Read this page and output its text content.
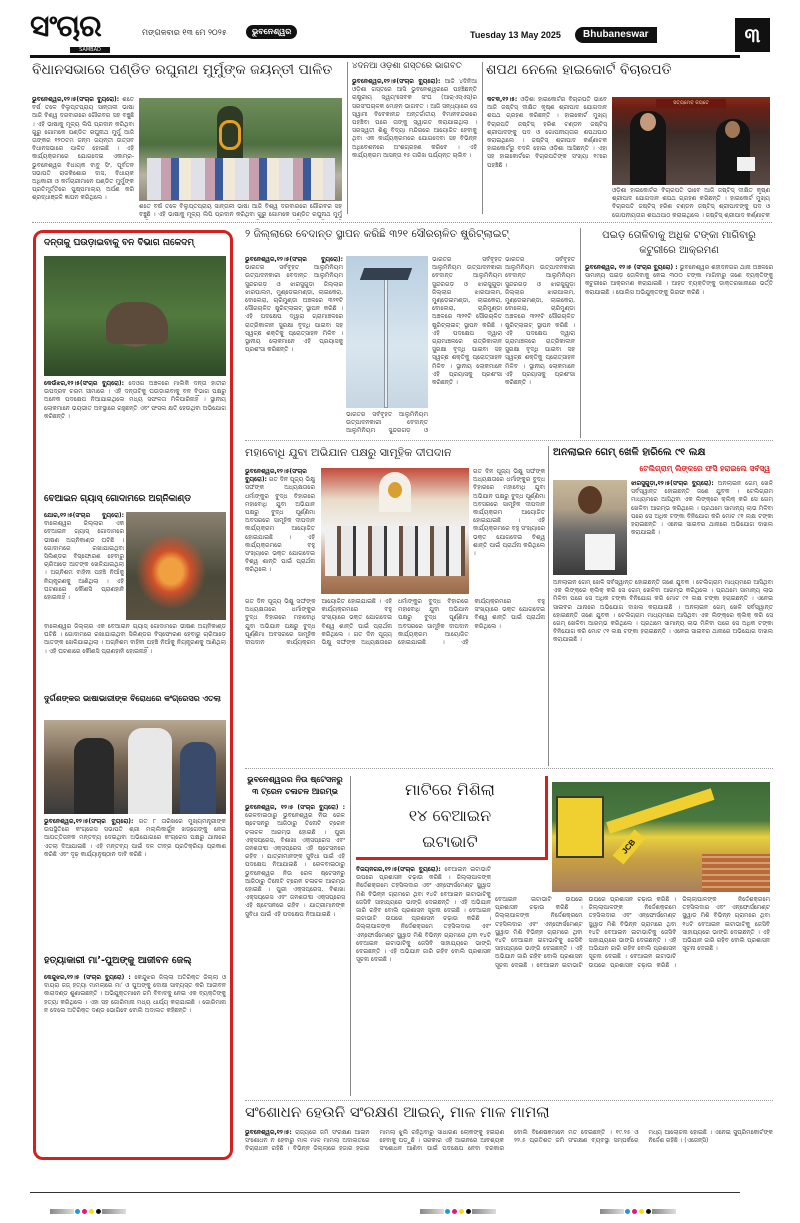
ସଂଚାର
SAMBAD
ମଙ୍ଗଳବାର ୧୩ ମେ ୨୦୨୫	ଭୁବନେଶ୍ୱର	Tuesday 13 May 2025	Bhubaneswar	୩
ବିଧାନସଭାରେ ପଣ୍ଡିତ ରଘୁନାଥ ମୁର୍ମୁଙ୍କ ଜୟନ୍ତୀ ପାଳିତ
ଭୁବନେଶ୍ୱର,୧୨।୫(ସଂଚାର ବ୍ୟୁରୋ): ଶତେ ବର୍ଷ ତଳେ ବିଲୁପ୍ତପ୍ରାୟ ସାନ୍ତାଳୀ ଭାଷା ଆଜି ବିଶ୍ୱ ଦରବାରରେ ଗୌରବର ସହ ବଞ୍ଚୁଛି । ଏହି ଭାଷାକୁ ମୂଳ୍ୟ ଲିପି ପ୍ରଦାନ କରିଥିବା ଗୁରୁ ଗୋମକେ ପଣ୍ଡିତ ରଘୁନାଥ ମୁର୍ମୁ ଆଜି ତାଙ୍କର ୧୨୦ତମ ଜନ୍ମ ଜୟନ୍ତୀ ଉତ୍ସବ ବିଧାନସଭାରେ ପାଳିତ ହୋଇଛି । ଏହି କାର୍ଯ୍ୟକ୍ରମରେ ଯୋଗଦେଇ ଏକାମ୍ର-ଭୁବନେଶ୍ୱର ବିଧାୟକ ବାବୁ ସିଂ, ପୂର୍ବତନ ସଭାପତି ରାଜକିଶୋର ଦାସ, ବିଧାୟକ ଅଧିକାରୀ ଓ କର୍ମଚାରୀମାନେ ପଣ୍ଡିତ ମୁର୍ମୁଙ୍କ ପ୍ରତିମୂର୍ତ୍ତିରେ ପୁଷ୍ପମାଲ୍ୟ ଅର୍ପଣ କରି ଶ୍ରଦ୍ଧାଞ୍ଜଳି ଜ୍ଞାପନ କରିଥିଲେ ।
ଶତେ ବର୍ଷ ତଳେ ବିଲୁପ୍ତପ୍ରାୟ ସାନ୍ତାଳୀ ଭାଷା ଆଜି ବିଶ୍ୱ ଦରବାରରେ ଗୌରବର ସହ ବଞ୍ଚୁଛି । ଏହି ଭାଷାକୁ ମୂଳ୍ୟ ଲିପି ପ୍ରଦାନ କରିଥିବା ଗୁରୁ ଗୋମକେ ପଣ୍ଡିତ ରଘୁନାଥ ମୁର୍ମୁ
୪ଦିନିଆ ଓଡ଼ିଶା ଗସ୍ତରେ ଭାଗବତ
ଭୁବନେଶ୍ୱର,୧୨।୫(ସଂଚାର ବ୍ୟୁରୋ): ଆଜି ୪ଦିନିଆ ଓଡ଼ିଶା ଗସ୍ତରେ ଆସି ଭୁବନେଶ୍ୱରରେ ପହଞ୍ଚିଛନ୍ତି ରାଷ୍ଟ୍ରୀୟ ସ୍ୱୟଂସେବକ ସଂଘ (ଆର୍‌ଏସ୍‌ଏସ୍)ର ସରସଂଘଚାଳକ ମୋହନ ଭାଗବତ । ଆଜି ସନ୍ଧ୍ୟାରେ ସେ ସ୍ୱାମୀ ବିବେକାନନ୍ଦ ଅନ୍ତର୍ଜାତୀୟ ବିମାନବନ୍ଦରରେ ପହଞ୍ଚିବା ପରେ ତାଙ୍କୁ ସ୍ୱାଗତ କରାଯାଇଥିଲା । ସରସ୍ୱତୀ ଶିଶୁ ବିଦ୍ୟା ମନ୍ଦିରରେ ଆୟୋଜିତ ହେବାକୁ ଥିବା ଏକ କାର୍ଯ୍ୟକ୍ରମରେ ଯୋଗଦେବା ସହ ବିଭିନ୍ନ ଅଧିବେଶନରେ ଅଂଶଗ୍ରହଣ କରିବେ । ଏହି କାର୍ଯ୍ୟକ୍ରମ ଆସନ୍ତା ୧୫ ତାରିଖ ପର୍ଯ୍ୟନ୍ତ ଚାଲିବ ।
ଶପଥ ନେଲେ ହାଇକୋର୍ଟ ବିଚାରପତି
କଟକ,୧୨।୫: ଓଡ଼ିଶା ହାଇକୋର୍ଟର ବିଚାରପତି ଭାବେ ଆଜି ଜଷ୍ଟିସ୍ ଦୀକ୍ଷିତ କୃଷ୍ଣ ଶ୍ରୀପାଦ ଯୋଗଦାନ ଶପଥ ଗ୍ରହଣ କରିଛନ୍ତି । ହାଇକୋର୍ଟ ମୁଖ୍ୟ ବିଚାରପତି ଜଷ୍ଟିସ୍ ହରିଶ ଟଣ୍ଡନ ଜଷ୍ଟିସ୍ ଶ୍ରୀପାଦଙ୍କୁ ପଦ ଓ ଗୋପନୀୟତାର ଶପଥପାଠ କରାଇଥିଲେ । ଜଷ୍ଟିସ୍ ଶ୍ରୀପାଦ କର୍ଣ୍ଣାଟକ ହାଇକୋର୍ଟରୁ ବଦଳି ହୋଇ ଓଡ଼ିଶା ଆସିଛନ୍ତି । ଏହା ସହ ହାଇକୋର୍ଟରେ ବିଚାରପତିଙ୍କ ସଂଖ୍ୟା ୧୯ରେ ପହଞ୍ଚିଛି ।
ସତ୍ୟମେବ ଜୟତେ
ଓଡ଼ିଶା ହାଇକୋର୍ଟର ବିଚାରପତି ଭାବେ ଆଜି ଜଷ୍ଟିସ୍ ଦୀକ୍ଷିତ କୃଷ୍ଣ ଶ୍ରୀପାଦ ଯୋଗଦାନ ଶପଥ ଗ୍ରହଣ କରିଛନ୍ତି । ହାଇକୋର୍ଟ ମୁଖ୍ୟ ବିଚାରପତି ଜଷ୍ଟିସ୍ ହରିଶ ଟଣ୍ଡନ ଜଷ୍ଟିସ୍ ଶ୍ରୀପାଦଙ୍କୁ ପଦ ଓ ଗୋପନୀୟତାର ଶପଥପାଠ କରାଇଥିଲେ । ଜଷ୍ଟିସ୍ ଶ୍ରୀପାଦ କର୍ଣ୍ଣାଟକ
ଦନ୍ତାକୁ ଘଉଡ଼ାଇବାକୁ ବନ ବିଭାଗ ନାକେଦମ୍
କେଉଁଝର,୧୨।୫(ସଂଚାର ବ୍ୟୁରୋ): ଦେଓଗ ଅଞ୍ଚଳରେ ମାଲିକି ଦନ୍ତା ହାତୀର ଉପଦ୍ରବ ଚରମ ସୀମାରେ । ଏହି ଦନ୍ତାଟିକୁ ଘଉଡ଼ାଇବାକୁ ବନ ବିଭାଗ ପକ୍ଷରୁ ଅନେକ ପଦକ୍ଷେପ ନିଆଯାଇଥିଲେ ମଧ୍ୟ ସଫଳତା ମିଳିପାରିନାହିଁ । ସ୍ଥାନୀୟ ଲୋକମାନେ ଭୟଭୀତ ଅବସ୍ଥାରେ ରହୁଛନ୍ତି ଏବଂ ଫସଲ କ୍ଷତି ହେଉଥିବା ଅଭିଯୋଗ କରିଛନ୍ତି ।
ବେଆଇନ ଗ୍ୟାସ୍ ଗୋଦାମରେ ଅଗ୍ନିକାଣ୍ଡ
ଯୋର,୧୨।୫(ସଂଚାର ବ୍ୟୁରୋ): ବାଲେଶ୍ୱର ଜିଲ୍ଲାର ଏକ ବେଆଇନ ଗ୍ୟାସ୍ ଗୋଦାମରେ ଭୀଷଣ ଅଗ୍ନିକାଣ୍ଡ ଘଟିଛି । ଗୋଦାମରେ ରଖାଯାଇଥିବା ସିଲିଣ୍ଡର ବିସ୍ଫୋରଣ ହେବାରୁ ଚାରିଆଡ଼େ ଆତଙ୍କ ଖେଳିଯାଇଥିଲା । ଅଗ୍ନିଶମ ବାହିନୀ ପହଞ୍ଚି ନିଆଁକୁ ନିୟନ୍ତ୍ରଣକୁ ଆଣିଥିଲା । ଏହି ଘଟଣାରେ କୌଣସି ପ୍ରାଣହାନି ହୋଇନାହିଁ ।
ବାଲେଶ୍ୱର ଜିଲ୍ଲାର ଏକ ବେଆଇନ ଗ୍ୟାସ୍ ଗୋଦାମରେ ଭୀଷଣ ଅଗ୍ନିକାଣ୍ଡ ଘଟିଛି । ଗୋଦାମରେ ରଖାଯାଇଥିବା ସିଲିଣ୍ଡର ବିସ୍ଫୋରଣ ହେବାରୁ ଚାରିଆଡ଼େ ଆତଙ୍କ ଖେଳିଯାଇଥିଲା । ଅଗ୍ନିଶମ ବାହିନୀ ପହଞ୍ଚି ନିଆଁକୁ ନିୟନ୍ତ୍ରଣକୁ ଆଣିଥିଲା । ଏହି ଘଟଣାରେ କୌଣସି ପ୍ରାଣହାନି ହୋଇନାହିଁ ।
ଦୁର୍ଗଶଙ୍କର ଭାଷାଭାରୀଙ୍କ ବିରୋଧରେ କଂଗ୍ରେସର ଏତଲା
ଭୁବନେଶ୍ୱର,୧୨।୫(ସଂଚାର ବ୍ୟୁରୋ): ଗତ ୮ ତାରିଖରେ ମୁଖ୍ୟମନ୍ତ୍ରୀଙ୍କ ଉପସ୍ଥିତିରେ କଂଗ୍ରେସ ସଭାପତି ଶ୍ରୀ ମଲ୍ଲିକାର୍ଜୁନ ଖଡ୍ଗେଙ୍କୁ ନେଇ ଆପତ୍ତିଜନକ ମନ୍ତବ୍ୟ ଦେଇଥିବା ଅଭିଯୋଗରେ କଂଗ୍ରେସ ପକ୍ଷରୁ ଥାନାରେ ଏତଲା ଦିଆଯାଇଛି । ଏହି ମନ୍ତବ୍ୟ ପାଇଁ ଦଳ ତୀବ୍ର ପ୍ରତିକ୍ରିୟା ପ୍ରକାଶ କରିଛି ଏବଂ ଦୃଢ଼ କାର୍ଯ୍ୟାନୁଷ୍ଠାନ ଦାବି କରିଛି ।
ହତ୍ୟାକାରୀ ମା’-ପୁଅଙ୍କୁ ଆଜୀବନ ଜେଲ୍
କେନ୍ଦୁଝର,୧୨।୫ (ସଂଚାର ବ୍ୟୁରୋ) : କେନ୍ଦୁଝର ଜିଲ୍ଲା ଅତିରିକ୍ତ ଜିଲ୍ଲା ଓ ଦାୟରା ଜଜ୍ ହତ୍ୟା ମାମଲାରେ ମା’ ଓ ପୁଅଙ୍କୁ ଦୋଷୀ ସାବ୍ୟସ୍ତ କରି ଆଜୀବନ କାରାଦଣ୍ଡ ଶୁଣାଇଛନ୍ତି । ଅଭିଯୁକ୍ତମାନେ ଜମି ବିବାଦକୁ ନେଇ ଏକ ବ୍ୟକ୍ତିଙ୍କୁ ହତ୍ୟା କରିଥିଲେ । ଏହା ସହ ଜୋରିମାନା ମଧ୍ୟ ଧାର୍ଯ୍ୟ କରାଯାଇଛି । ଜୋରିମାନା ନ ଦେଲେ ଅତିରିକ୍ତ ଦଣ୍ଡ ଭୋଗିବେ ବୋଲି ଅଦାଲତ କହିଛନ୍ତି ।
୨ ଜିଲ୍ଲାରେ ବେଦାନ୍ତ ସ୍ଥାପନ କରିଛି ୩୨୧ ସୌରଚାଳିତ ଷ୍ଟ୍ରିଟ୍‌ଲାଇଟ୍
ଭୁବନେଶ୍ୱର,୧୨।୫(ସଂଚାର ବ୍ୟୁରୋ): ଭାରତର ସର୍ବବୃହତ ଆଲୁମିନିୟମ ଉତ୍ପାଦନକାରୀ ବେଦାନ୍ତ ଆଲୁମିନିୟମ ସୁନ୍ଦରଗଡ଼ ଓ ଝାରସୁଗୁଡ଼ା ଜିଲ୍ଲାର ଝାରପାଲମ, ମୁଣ୍ଡେଇମଣ୍ଡା, ଲାଇକେରା, ବୋଲେରା, ଚାରିମୁଣ୍ଡା ଅଞ୍ଚଳରେ ୩୨୧ଟି ସୌରଚାଳିତ ଷ୍ଟ୍ରିଟ୍‌ଲାଇଟ୍ ସ୍ଥାପନ କରିଛି । ଏହି ପଦକ୍ଷେପ ଦ୍ୱାରା ଗ୍ରାମାଞ୍ଚଳରେ ରାତ୍ରିକାଳୀନ ସୁରକ୍ଷା ବୃଦ୍ଧି ପାଇବା ସହ ସ୍ୱଚ୍ଛ ଶକ୍ତିକୁ ପ୍ରୋତ୍ସାହନ ମିଳିବ । ସ୍ଥାନୀୟ ଲୋକମାନେ ଏହି ପ୍ରୟାସକୁ ପ୍ରଶଂସା କରିଛନ୍ତି ।
ଭାରତର ସର୍ବବୃହତ ଆଲୁମିନିୟମ ଉତ୍ପାଦନକାରୀ ବେଦାନ୍ତ ଆଲୁମିନିୟମ ସୁନ୍ଦରଗଡ଼ ଓ
ଭାରତର ସର୍ବବୃହତ ଆଲୁମିନିୟମ ଉତ୍ପାଦନକାରୀ ବେଦାନ୍ତ ଆଲୁମିନିୟମ ସୁନ୍ଦରଗଡ଼ ଓ ଝାରସୁଗୁଡ଼ା ଜିଲ୍ଲାର ଝାରପାଲମ, ମୁଣ୍ଡେଇମଣ୍ଡା, ଲାଇକେରା, ବୋଲେରା, ଚାରିମୁଣ୍ଡା ଅଞ୍ଚଳରେ ୩୨୧ଟି ସୌରଚାଳିତ ଷ୍ଟ୍ରିଟ୍‌ଲାଇଟ୍ ସ୍ଥାପନ କରିଛି । ଏହି ପଦକ୍ଷେପ ଦ୍ୱାରା ଗ୍ରାମାଞ୍ଚଳରେ ରାତ୍ରିକାଳୀନ ସୁରକ୍ଷା ବୃଦ୍ଧି ପାଇବା ସହ ସ୍ୱଚ୍ଛ ଶକ୍ତିକୁ ପ୍ରୋତ୍ସାହନ ମିଳିବ । ସ୍ଥାନୀୟ ଲୋକମାନେ ଏହି ପ୍ରୟାସକୁ ପ୍ରଶଂସା କରିଛନ୍ତି ।
ଭାରତର ସର୍ବବୃହତ ଆଲୁମିନିୟମ ଉତ୍ପାଦନକାରୀ ବେଦାନ୍ତ ଆଲୁମିନିୟମ ସୁନ୍ଦରଗଡ଼ ଓ ଝାରସୁଗୁଡ଼ା ଜିଲ୍ଲାର ଝାରପାଲମ, ମୁଣ୍ଡେଇମଣ୍ଡା, ଲାଇକେରା, ବୋଲେରା, ଚାରିମୁଣ୍ଡା ଅଞ୍ଚଳରେ ୩୨୧ଟି ସୌରଚାଳିତ ଷ୍ଟ୍ରିଟ୍‌ଲାଇଟ୍ ସ୍ଥାପନ କରିଛି । ଏହି ପଦକ୍ଷେପ ଦ୍ୱାରା ଗ୍ରାମାଞ୍ଚଳରେ ରାତ୍ରିକାଳୀନ ସୁରକ୍ଷା ବୃଦ୍ଧି ପାଇବା ସହ ସ୍ୱଚ୍ଛ ଶକ୍ତିକୁ ପ୍ରୋତ୍ସାହନ ମିଳିବ । ସ୍ଥାନୀୟ ଲୋକମାନେ ଏହି ପ୍ରୟାସକୁ ପ୍ରଶଂସା କରିଛନ୍ତି ।
ପଇଡ଼ ତୋଳିବାକୁ ଅଧିକ ଟଙ୍କା ମାଗିବାରୁ କଟୁରୀରେ ଆକ୍ରମଣ
ଭୁବନେଶ୍ୱର, ୧୨।୫ (ସଂଚାର ବ୍ୟୁରୋ) : ଭୁବନେଶ୍ୱର ଶହୀଦନଗର ଥାନା ଅଞ୍ଚଳରେ ସାମାନ୍ୟ ପଇଡ଼ ତୋଳିବାକୁ ନେଇ ୩୦୦ ଟଙ୍କା ମାଗିବାରୁ ଜଣେ ବ୍ୟକ୍ତିଙ୍କୁ କଟୁରୀରେ ଆକ୍ରମଣ କରାଯାଇଛି । ଆହତ ବ୍ୟକ୍ତିଙ୍କୁ ଡାକ୍ତରଖାନାରେ ଭର୍ତ୍ତି କରାଯାଇଛି । ପୋଲିସ ଅଭିଯୁକ୍ତଙ୍କୁ ଗିରଫ କରିଛି ।
ମହାବୋଧି ଯୁବା ଅଭିଯାନ ପକ୍ଷରୁ ସାମୂହିକ ଦୀପଦାନ
ଭୁବନେଶ୍ୱର,୧୨।୫(ସଂଚାର ବ୍ୟୁରୋ): ଗତ ଦିନ ପୂଜ୍ୟ ଭିକ୍ଷୁ ସଙ୍ଘଙ୍କ ଅଧ୍ୟକ୍ଷତାରେ ଧର୍ମାଙ୍କୁର ବୁଦ୍ଧ ବିହାରରେ ମହାବୋଧି ଯୁବା ଅଭିଯାନ ପକ୍ଷରୁ ବୁଦ୍ଧ ପୂର୍ଣ୍ଣିମା ଅବସରରେ ସାମୂହିକ ଦୀପଦାନ କାର୍ଯ୍ୟକ୍ରମ ଆୟୋଜିତ ହୋଇଯାଇଛି । ଏହି କାର୍ଯ୍ୟକ୍ରମରେ ବହୁ ସଂଖ୍ୟାରେ ଭକ୍ତ ଯୋଗଦେଇ ବିଶ୍ୱ ଶାନ୍ତି ପାଇଁ ପ୍ରାର୍ଥନା କରିଥିଲେ ।
ଗତ ଦିନ ପୂଜ୍ୟ ଭିକ୍ଷୁ ସଙ୍ଘଙ୍କ ଅଧ୍ୟକ୍ଷତାରେ ଧର୍ମାଙ୍କୁର ବୁଦ୍ଧ ବିହାରରେ ମହାବୋଧି ଯୁବା ଅଭିଯାନ ପକ୍ଷରୁ ବୁଦ୍ଧ ପୂର୍ଣ୍ଣିମା ଅବସରରେ ସାମୂହିକ ଦୀପଦାନ କାର୍ଯ୍ୟକ୍ରମ ଆୟୋଜିତ ହୋଇଯାଇଛି । ଏହି କାର୍ଯ୍ୟକ୍ରମରେ ବହୁ ସଂଖ୍ୟାରେ ଭକ୍ତ ଯୋଗଦେଇ ବିଶ୍ୱ ଶାନ୍ତି ପାଇଁ ପ୍ରାର୍ଥନା କରିଥିଲେ ।
ଗତ ଦିନ ପୂଜ୍ୟ ଭିକ୍ଷୁ ସଙ୍ଘଙ୍କ ଅଧ୍ୟକ୍ଷତାରେ ଧର୍ମାଙ୍କୁର ବୁଦ୍ଧ ବିହାରରେ ମହାବୋଧି ଯୁବା ଅଭିଯାନ ପକ୍ଷରୁ ବୁଦ୍ଧ ପୂର୍ଣ୍ଣିମା ଅବସରରେ ସାମୂହିକ ଦୀପଦାନ କାର୍ଯ୍ୟକ୍ରମ ଆୟୋଜିତ ହୋଇଯାଇଛି । ଏହି କାର୍ଯ୍ୟକ୍ରମରେ ବହୁ ସଂଖ୍ୟାରେ ଭକ୍ତ ଯୋଗଦେଇ ବିଶ୍ୱ ଶାନ୍ତି ପାଇଁ ପ୍ରାର୍ଥନା କରିଥିଲେ । ଗତ ଦିନ ପୂଜ୍ୟ ଭିକ୍ଷୁ ସଙ୍ଘଙ୍କ ଅଧ୍ୟକ୍ଷତାରେ ଧର୍ମାଙ୍କୁର ବୁଦ୍ଧ ବିହାରରେ ମହାବୋଧି ଯୁବା ଅଭିଯାନ ପକ୍ଷରୁ ବୁଦ୍ଧ ପୂର୍ଣ୍ଣିମା ଅବସରରେ ସାମୂହିକ ଦୀପଦାନ କାର୍ଯ୍ୟକ୍ରମ ଆୟୋଜିତ ହୋଇଯାଇଛି । ଏହି କାର୍ଯ୍ୟକ୍ରମରେ ବହୁ ସଂଖ୍ୟାରେ ଭକ୍ତ ଯୋଗଦେଇ ବିଶ୍ୱ ଶାନ୍ତି ପାଇଁ ପ୍ରାର୍ଥନା କରିଥିଲେ ।
ଅନଲାଇନ ଗେମ୍ ଖେଳି ହାରିଲେ ୯୧ ଲକ୍ଷ
ଟେଲିଗ୍ରାମ୍ ଲିଙ୍କରେ ଫସି ହରାଇଲେ ସର୍ବସ୍ୱ
ଝାରସୁଗୁଡ଼ା,୧୨।୫(ସଂଚାର ବ୍ୟୁରୋ): ଅନଲାଇନ ଗେମ୍ ଖେଳି ସର୍ବସ୍ୱାନ୍ତ ହୋଇଛନ୍ତି ଜଣେ ଯୁବକ । ଟେଲିଗ୍ରାମ ମାଧ୍ୟମରେ ଆସିଥିବା ଏକ ଲିଙ୍କ୍‌ରେ କ୍ଲିକ୍ କରି ସେ ଗେମ୍ ଖେଳିବା ଆରମ୍ଭ କରିଥିଲେ । ପ୍ରଥମେ ସାମାନ୍ୟ ଲାଭ ମିଳିବା ପରେ ସେ ଅଧିକ ଟଙ୍କା ବିନିଯୋଗ କରି ମୋଟ ୯୧ ଲକ୍ଷ ଟଙ୍କା ହରାଇଛନ୍ତି । ଏନେଇ ସାଇବର ଥାନାରେ ଅଭିଯୋଗ ଦାଖଲ କରାଯାଇଛି ।
ଅନଲାଇନ ଗେମ୍ ଖେଳି ସର୍ବସ୍ୱାନ୍ତ ହୋଇଛନ୍ତି ଜଣେ ଯୁବକ । ଟେଲିଗ୍ରାମ ମାଧ୍ୟମରେ ଆସିଥିବା ଏକ ଲିଙ୍କ୍‌ରେ କ୍ଲିକ୍ କରି ସେ ଗେମ୍ ଖେଳିବା ଆରମ୍ଭ କରିଥିଲେ । ପ୍ରଥମେ ସାମାନ୍ୟ ଲାଭ ମିଳିବା ପରେ ସେ ଅଧିକ ଟଙ୍କା ବିନିଯୋଗ କରି ମୋଟ ୯୧ ଲକ୍ଷ ଟଙ୍କା ହରାଇଛନ୍ତି । ଏନେଇ ସାଇବର ଥାନାରେ ଅଭିଯୋଗ ଦାଖଲ କରାଯାଇଛି । ଅନଲାଇନ ଗେମ୍ ଖେଳି ସର୍ବସ୍ୱାନ୍ତ ହୋଇଛନ୍ତି ଜଣେ ଯୁବକ । ଟେଲିଗ୍ରାମ ମାଧ୍ୟମରେ ଆସିଥିବା ଏକ ଲିଙ୍କ୍‌ରେ କ୍ଲିକ୍ କରି ସେ ଗେମ୍ ଖେଳିବା ଆରମ୍ଭ କରିଥିଲେ । ପ୍ରଥମେ ସାମାନ୍ୟ ଲାଭ ମିଳିବା ପରେ ସେ ଅଧିକ ଟଙ୍କା ବିନିଯୋଗ କରି ମୋଟ ୯୧ ଲକ୍ଷ ଟଙ୍କା ହରାଇଛନ୍ତି । ଏନେଇ ସାଇବର ଥାନାରେ ଅଭିଯୋଗ ଦାଖଲ କରାଯାଇଛି ।
ଭୁବନେଶ୍ୱରର ନିଉ ଷ୍ଟେସନରୁ ୩ ଟ୍ରେନ ଚଳାଚଳ ଆରମ୍ଭ
ଭୁବନେଶ୍ୱର, ୧୨।୫ (ସଂଚାର ବ୍ୟୁରୋ) : ରେଳବାଇଠାରୁ ଭୁବନେଶ୍ୱର ନିଉ ରେଳ ଷ୍ଟେସନରୁ ଆଜିଠାରୁ ତିନୋଟି ଟ୍ରେନ ଚଳାଚଳ ଆରମ୍ଭ ହୋଇଛି । ପୁରୀ ଏକ୍ସପ୍ରେସ, ବିଶାଖା ଏକ୍ସପ୍ରେସ ଏବଂ ଜନଶତାବ୍ଦୀ ଏକ୍ସପ୍ରେସ ଏହି ଷ୍ଟେସନରେ ରହିବ । ଯାତ୍ରୀମାନଙ୍କ ସୁବିଧା ପାଇଁ ଏହି ପଦକ୍ଷେପ ନିଆଯାଇଛି । ରେଳବାଇଠାରୁ ଭୁବନେଶ୍ୱର ନିଉ ରେଳ ଷ୍ଟେସନରୁ ଆଜିଠାରୁ ତିନୋଟି ଟ୍ରେନ ଚଳାଚଳ ଆରମ୍ଭ ହୋଇଛି । ପୁରୀ ଏକ୍ସପ୍ରେସ, ବିଶାଖା ଏକ୍ସପ୍ରେସ ଏବଂ ଜନଶତାବ୍ଦୀ ଏକ୍ସପ୍ରେସ ଏହି ଷ୍ଟେସନରେ ରହିବ । ଯାତ୍ରୀମାନଙ୍କ ସୁବିଧା ପାଇଁ ଏହି ପଦକ୍ଷେପ ନିଆଯାଇଛି ।
ମାଟିରେ ମିଶିଲା
୧୪ ବେଆଇନ
ଇଟାଭାଟି	JCB
ବିଜୟନଗର,୧୨।୫(ସଂଚାର ବ୍ୟୁରୋ): ବେଆଇନ ଇଟାଭାଟି ଉପରେ ପ୍ରଶାସନ ଚଢ଼ାଉ କରିଛି । ଜିଲ୍ଲାପାଳଙ୍କ ନିର୍ଦ୍ଦେଶକ୍ରମେ ତହସିଲଦାର ଏବଂ ଏନ୍‌ଫୋର୍ସମେଣ୍ଟ ସ୍କ୍ୱାଡ ମିଶି ବିଭିନ୍ନ ଗ୍ରାମରେ ଥିବା ୧୪ଟି ବେଆଇନ ଇଟାଭାଟିକୁ ଜେସିବି ସାହାଯ୍ୟରେ ଭାଙ୍ଗି ଦେଇଛନ୍ତି । ଏହି ଅଭିଯାନ ଜାରି ରହିବ ବୋଲି ପ୍ରଶାସନ ସୂଚନା ଦେଇଛି । ବେଆଇନ ଇଟାଭାଟି ଉପରେ ପ୍ରଶାସନ ଚଢ଼ାଉ କରିଛି । ଜିଲ୍ଲାପାଳଙ୍କ ନିର୍ଦ୍ଦେଶକ୍ରମେ ତହସିଲଦାର ଏବଂ ଏନ୍‌ଫୋର୍ସମେଣ୍ଟ ସ୍କ୍ୱାଡ ମିଶି ବିଭିନ୍ନ ଗ୍ରାମରେ ଥିବା ୧୪ଟି ବେଆଇନ ଇଟାଭାଟିକୁ ଜେସିବି ସାହାଯ୍ୟରେ ଭାଙ୍ଗି ଦେଇଛନ୍ତି । ଏହି ଅଭିଯାନ ଜାରି ରହିବ ବୋଲି ପ୍ରଶାସନ ସୂଚନା ଦେଇଛି ।
ବେଆଇନ ଇଟାଭାଟି ଉପରେ ପ୍ରଶାସନ ଚଢ଼ାଉ କରିଛି । ଜିଲ୍ଲାପାଳଙ୍କ ନିର୍ଦ୍ଦେଶକ୍ରମେ ତହସିଲଦାର ଏବଂ ଏନ୍‌ଫୋର୍ସମେଣ୍ଟ ସ୍କ୍ୱାଡ ମିଶି ବିଭିନ୍ନ ଗ୍ରାମରେ ଥିବା ୧୪ଟି ବେଆଇନ ଇଟାଭାଟିକୁ ଜେସିବି ସାହାଯ୍ୟରେ ଭାଙ୍ଗି ଦେଇଛନ୍ତି । ଏହି ଅଭିଯାନ ଜାରି ରହିବ ବୋଲି ପ୍ରଶାସନ ସୂଚନା ଦେଇଛି । ବେଆଇନ ଇଟାଭାଟି ଉପରେ ପ୍ରଶାସନ ଚଢ଼ାଉ କରିଛି । ଜିଲ୍ଲାପାଳଙ୍କ ନିର୍ଦ୍ଦେଶକ୍ରମେ ତହସିଲଦାର ଏବଂ ଏନ୍‌ଫୋର୍ସମେଣ୍ଟ ସ୍କ୍ୱାଡ ମିଶି ବିଭିନ୍ନ ଗ୍ରାମରେ ଥିବା ୧୪ଟି ବେଆଇନ ଇଟାଭାଟିକୁ ଜେସିବି ସାହାଯ୍ୟରେ ଭାଙ୍ଗି ଦେଇଛନ୍ତି । ଏହି ଅଭିଯାନ ଜାରି ରହିବ ବୋଲି ପ୍ରଶାସନ ସୂଚନା ଦେଇଛି । ବେଆଇନ ଇଟାଭାଟି ଉପରେ ପ୍ରଶାସନ ଚଢ଼ାଉ କରିଛି । ଜିଲ୍ଲାପାଳଙ୍କ ନିର୍ଦ୍ଦେଶକ୍ରମେ ତହସିଲଦାର ଏବଂ ଏନ୍‌ଫୋର୍ସମେଣ୍ଟ ସ୍କ୍ୱାଡ ମିଶି ବିଭିନ୍ନ ଗ୍ରାମରେ ଥିବା ୧୪ଟି ବେଆଇନ ଇଟାଭାଟିକୁ ଜେସିବି ସାହାଯ୍ୟରେ ଭାଙ୍ଗି ଦେଇଛନ୍ତି । ଏହି ଅଭିଯାନ ଜାରି ରହିବ ବୋଲି ପ୍ରଶାସନ ସୂଚନା ଦେଇଛି ।
ସଂଶୋଧନ ହେଉନି ସଂରକ୍ଷଣ ଆଇନ୍, ମାଳ ମାଳ ମାମଲା
ଭୁବନେଶ୍ୱର,୧୨।୫: ରାଜ୍ୟରେ ଜମି ସଂରକ୍ଷଣ ଆଇନ ସଂଶୋଧନ ନ ହେବାରୁ ମାଳ ମାଳ ମାମଲା ଅଦାଲତରେ ବିଚାରାଧୀନ ରହିଛି । ବିଭିନ୍ନ ଜିଲ୍ଲାରେ ହଜାର ହଜାର ମାମଲା ଝୁଲି ରହିଥିବାରୁ ସାଧାରଣ ଲୋକଙ୍କୁ ହଇରାଣ ହେବାକୁ ପଡ଼ୁଛି । ସରକାର ଏହି ଆଇନରେ ଆବଶ୍ୟକ ସଂଶୋଧନ ଆଣିବା ପାଇଁ ପଦକ୍ଷେପ ନେବା ଦରକାର ବୋଲି ବିଶେଷଜ୍ଞମାନେ ମତ ଦେଇଛନ୍ତି । ୧୯.୨୫ ଓ ୨୨.୫ ପ୍ରତିଶତ ଜମି ସଂରକ୍ଷଣ ବ୍ୟବସ୍ଥା ସମ୍ପର୍କରେ ମଧ୍ୟ ଆଲୋଚନା ହୋଇଛି । ଏନେଇ ସୁପ୍ରିମକୋର୍ଟଙ୍କ ନିର୍ଦ୍ଦେଶ ରହିଛି । (ଏଜେନ୍ସି)
